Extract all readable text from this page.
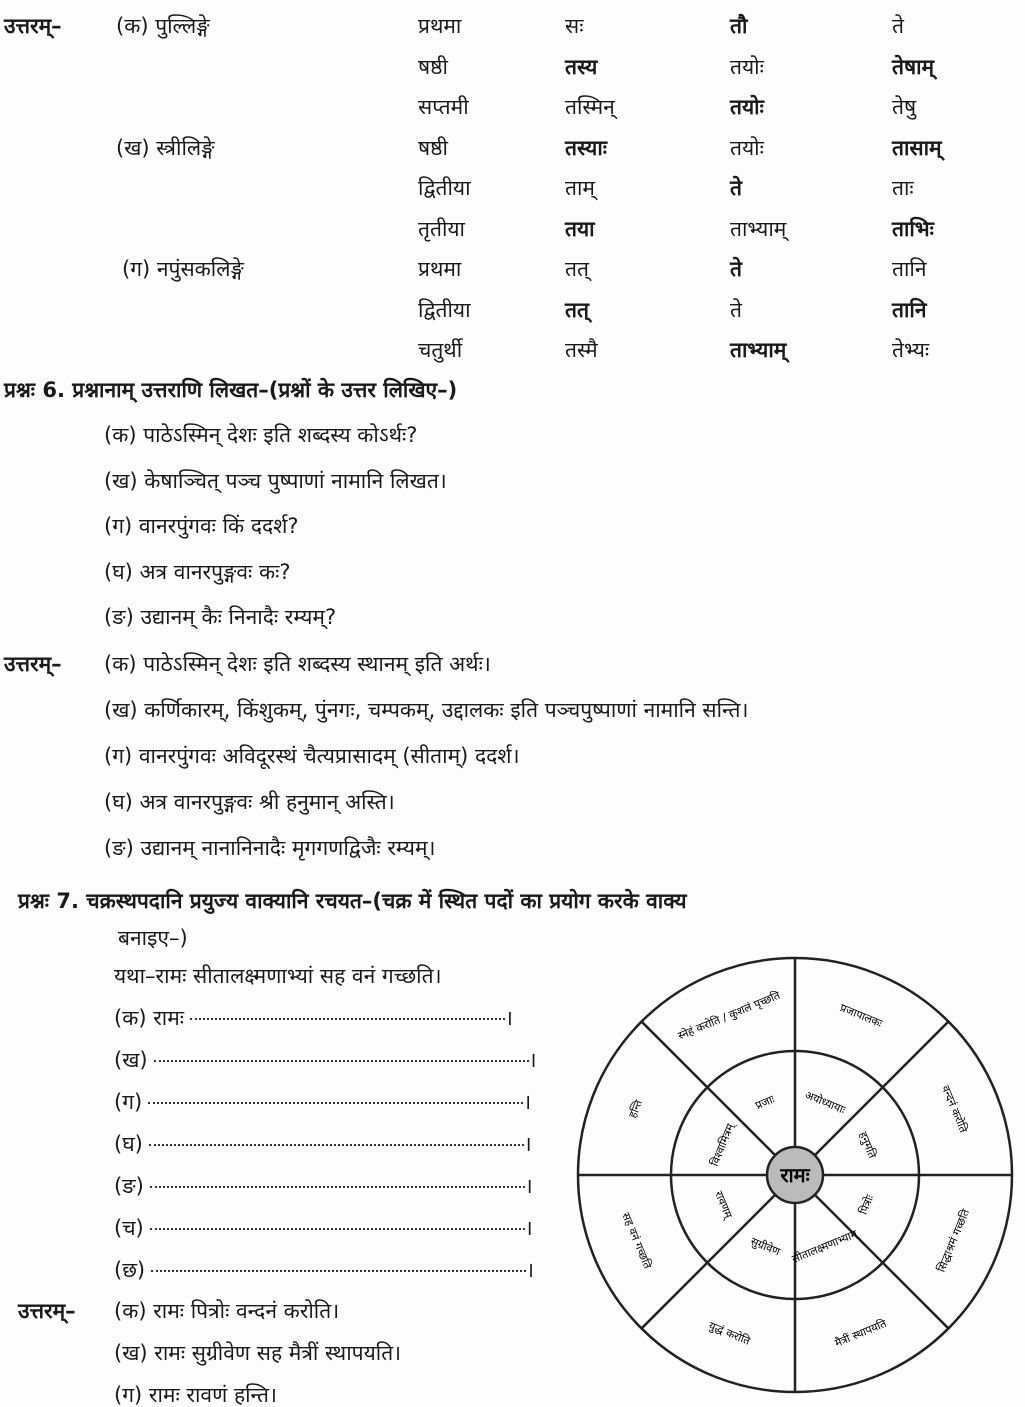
उत्तरम्–	(क) पुल्लिङ्गे	प्रथमा	सः	तौ	ते
षष्ठी	तस्य	तयोः	तेषाम्
सप्तमी	तस्मिन्	तयोः	तेषु
(ख) स्त्रीलिङ्गे	षष्ठी	तस्याः	तयोः	तासाम्
द्वितीया	ताम्	ते	ताः
तृतीया	तया	ताभ्याम्	ताभिः
(ग) नपुंसकलिङ्गे	प्रथमा	तत्	ते	तानि
द्वितीया	तत्	ते	तानि
चतुर्थी	तस्मै	ताभ्याम्	तेभ्यः
प्रश्नः 6. प्रश्नानाम् उत्तराणि लिखत–(प्रश्नों के उत्तर लिखिए–)
(क) पाठेऽस्मिन् देशः इति शब्दस्य कोऽर्थः?
(ख) केषाञ्चित् पञ्च पुष्पाणां नामानि लिखत।
(ग) वानरपुंगवः किं ददर्श?
(घ) अत्र वानरपुङ्गवः कः?
(ङ) उद्यानम् कैः निनादैः रम्यम्?
उत्तरम्– (क) पाठेऽस्मिन् देशः इति शब्दस्य स्थानम् इति अर्थः।
(ख) कर्णिकारम्, किंशुकम्, पुंनगः, चम्पकम्, उद्दालकः इति पञ्चपुष्पाणां नामानि सन्ति।
(ग) वानरपुंगवः अविदूरस्थं चैत्यप्रासादम् (सीताम्) ददर्श।
(घ) अत्र वानरपुङ्गवः श्री हनुमान् अस्ति।
(ङ) उद्यानम् नानानिनादैः मृगगणद्विजैः रम्यम्।
प्रश्नः 7. चक्रस्थपदानि प्रयुज्य वाक्यानि रचयत–(चक्र में स्थित पदों का प्रयोग करके वाक्य
बनाइए–)
यथा–रामः सीतालक्ष्मणाभ्यां सह वनं गच्छति।
(क) रामः	।
(ख)	।
(ग)	।
(घ)	।
(ङ)	।
(च)	।
(छ)	।
उत्तरम्– (क) रामः पित्रोः वन्दनं करोति।
(ख) रामः सुग्रीवेण सह मैत्रीं स्थापयति।
(ग) रामः रावणं हन्ति।
रामः
अयोध्यायाः
हनुमति
पित्रोः
सीतालक्ष्मणाभ्याम्
सुग्रीवेण
रावणम्
विश्वामित्रम्
प्रजाः
प्रजापालकः
वन्दनं करोति
सिद्धाश्रमं गच्छति
मैत्रीं स्थापयति
युद्धं करोति
सह वनं गच्छति
हन्ति
स्नेहं करोति / कुशलं पृच्छति
